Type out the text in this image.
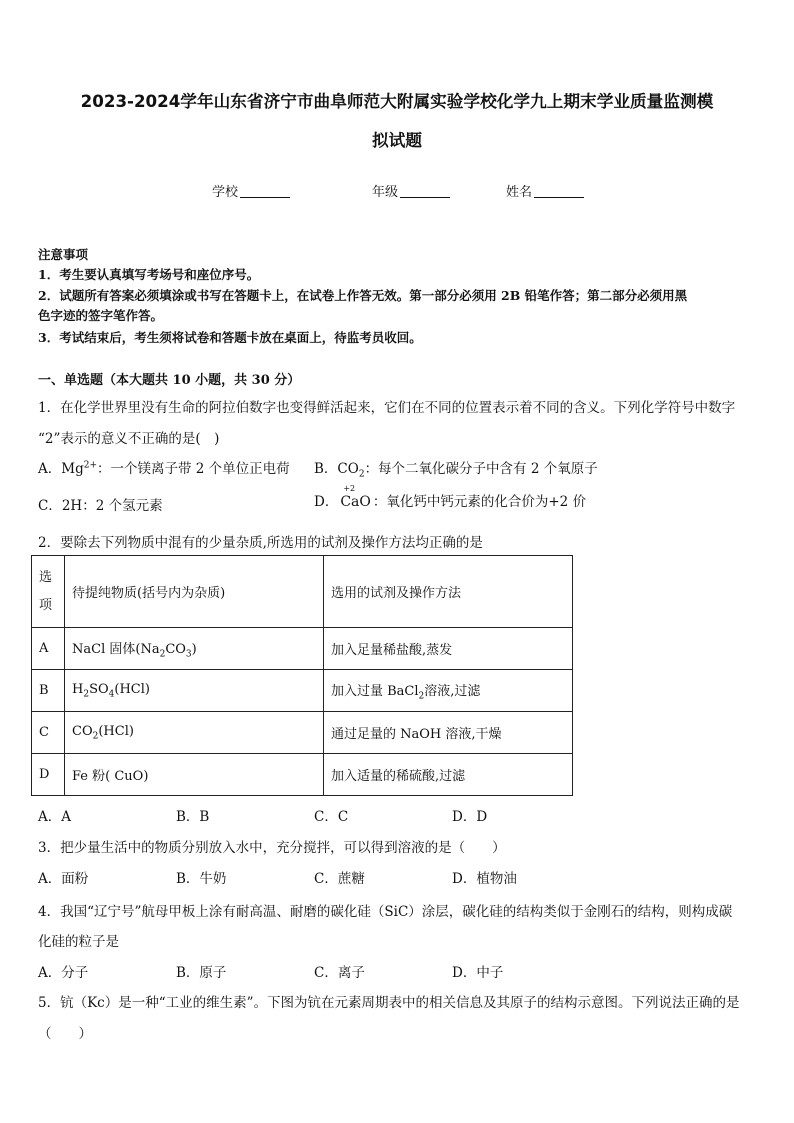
2023-2024学年山东省济宁市曲阜师范大附属实验学校化学九上期末学业质量监测模
拟试题
学校	年级	姓名
注意事项
1．考生要认真填写考场号和座位序号。
2．试题所有答案必须填涂或书写在答题卡上，在试卷上作答无效。第一部分必须用 2B 铅笔作答；第二部分必须用黑
色字迹的签字笔作答。
3．考试结束后，考生须将试卷和答题卡放在桌面上，待监考员收回。
一、单选题（本大题共 10 小题，共 30 分）
1．在化学世界里没有生命的阿拉伯数字也变得鲜活起来，它们在不同的位置表示着不同的含义。下列化学符号中数字
“2”表示的意义不正确的是(　)
A．$Mg^{2+}$：一个镁离子带 2 个单位正电荷 B．$CO_2$：每个二氧化碳分子中含有 2 个氧原子
C．2H：2 个氢元素	D．
+2
CaO ：氧化钙中钙元素的化合价为+2 价
2．要除去下列物质中混有的少量杂质,所选用的试剂及操作方法均正确的是
选
项	待提纯物质(括号内为杂质)	选用的试剂及操作方法
A	NaCl 固体$(Na_2CO_3)$	加入足量稀盐酸,蒸发
B	$H_2SO_4(HCl)$	加入过量 BaCl$_2$溶液,过滤
C	$CO_2(HCl)$	通过足量的 NaOH 溶液,干燥
D	Fe 粉( CuO)	加入适量的稀硫酸,过滤
A．A	B．B	C．C	D．D
3．把少量生活中的物质分别放入水中，充分搅拌，可以得到溶液的是（　　）
A．面粉	B．牛奶	C．蔗糖	D．植物油
4．我国“辽宁号”航母甲板上涂有耐高温、耐磨的碳化硅（SiC）涂层，碳化硅的结构类似于金刚石的结构，则构成碳
化硅的粒子是
A．分子	B．原子	C．离子	D．中子
5．钪（Kc）是一种“工业的维生素”。下图为钪在元素周期表中的相关信息及其原子的结构示意图。下列说法正确的是
（　　）
